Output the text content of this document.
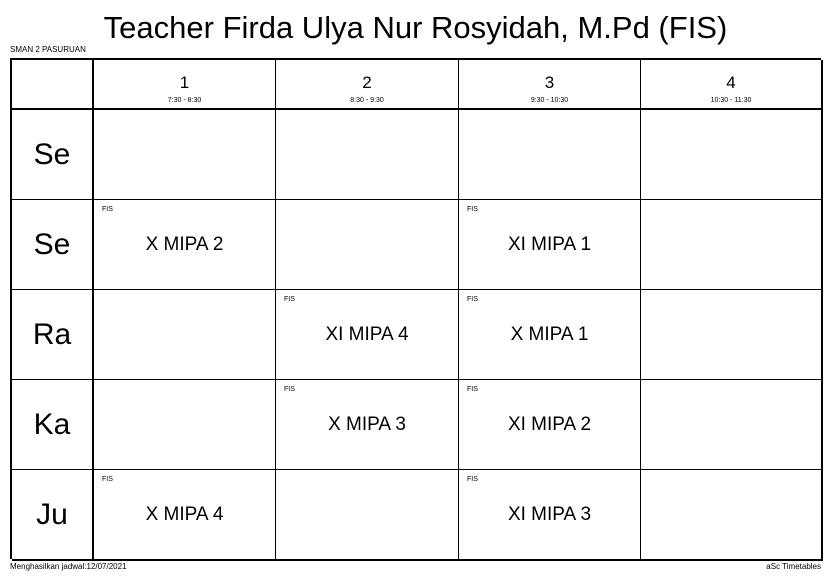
Teacher Firda Ulya Nur Rosyidah, M.Pd (FIS)
SMAN 2 PASURUAN
1
7:30 - 8:30
2
8:30 - 9:30
3
9:30 - 10:30
4
10:30 - 11:30
Se
Se
FIS
X MIPA 2
FIS
XI MIPA 1
Ra
FIS
XI MIPA 4
FIS
X MIPA 1
Ka
FIS
X MIPA 3
FIS
XI MIPA 2
Ju
FIS
X MIPA 4
FIS
XI MIPA 3
Menghasilkan jadwal:12/07/2021	aSc Timetables
